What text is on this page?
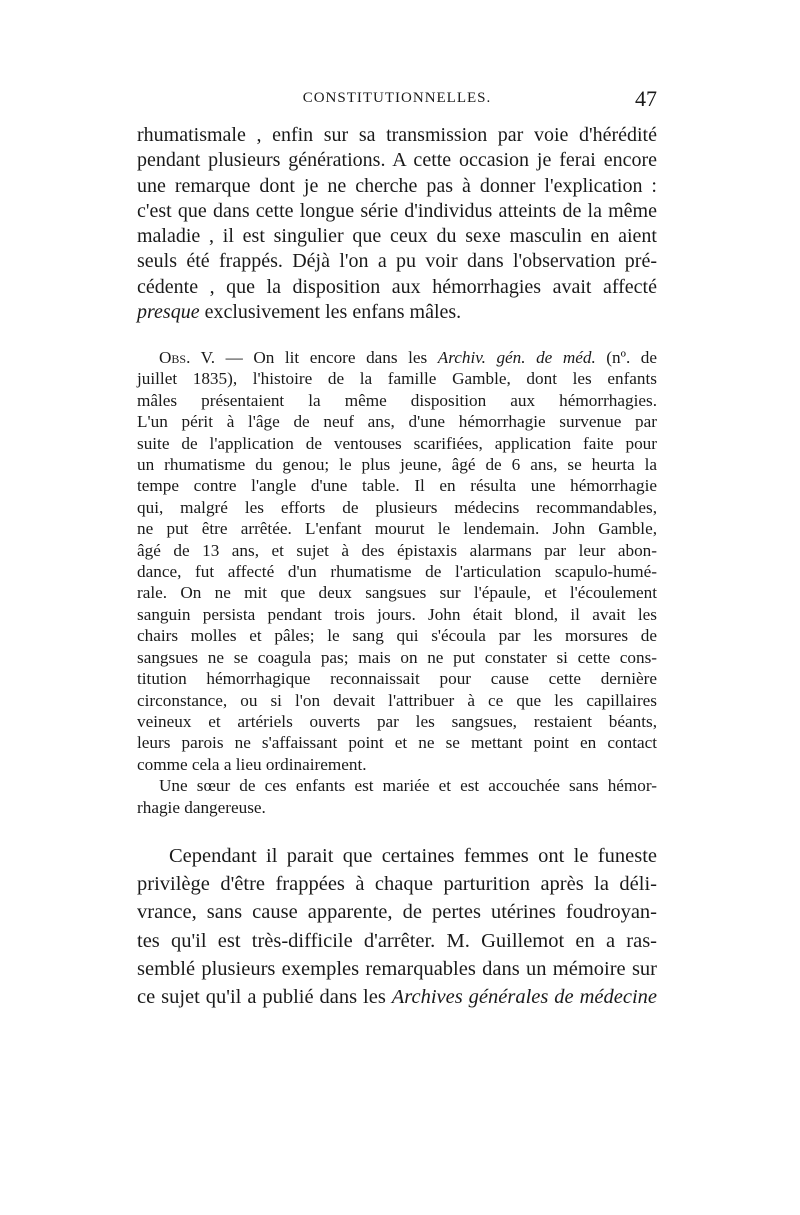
CONSTITUTIONNELLES.	47
rhumatismale , enfin sur sa transmission par voie d'hérédité
pendant plusieurs générations. A cette occasion je ferai encore
une remarque dont je ne cherche pas à donner l'explication :
c'est que dans cette longue série d'individus atteints de la même
maladie , il est singulier que ceux du sexe masculin en aient
seuls été frappés. Déjà l'on a pu voir dans l'observation pré-
cédente , que la disposition aux hémorrhagies avait affecté
presque exclusivement les enfans mâles.
Obs. V. — On lit encore dans les Archiv. gén. de méd. (nº. de
juillet 1835), l'histoire de la famille Gamble, dont les enfants
mâles présentaient la même disposition aux hémorrhagies.
L'un périt à l'âge de neuf ans, d'une hémorrhagie survenue par
suite de l'application de ventouses scarifiées, application faite pour
un rhumatisme du genou; le plus jeune, âgé de 6 ans, se heurta la
tempe contre l'angle d'une table. Il en résulta une hémorrhagie
qui, malgré les efforts de plusieurs médecins recommandables,
ne put être arrêtée. L'enfant mourut le lendemain. John Gamble,
âgé de 13 ans, et sujet à des épistaxis alarmans par leur abon-
dance, fut affecté d'un rhumatisme de l'articulation scapulo-humé-
rale. On ne mit que deux sangsues sur l'épaule, et l'écoulement
sanguin persista pendant trois jours. John était blond, il avait les
chairs molles et pâles; le sang qui s'écoula par les morsures de
sangsues ne se coagula pas; mais on ne put constater si cette cons-
titution hémorrhagique reconnaissait pour cause cette dernière
circonstance, ou si l'on devait l'attribuer à ce que les capillaires
veineux et artériels ouverts par les sangsues, restaient béants,
leurs parois ne s'affaissant point et ne se mettant point en contact
comme cela a lieu ordinairement.
Une sœur de ces enfants est mariée et est accouchée sans hémor-
rhagie dangereuse.
Cependant il parait que certaines femmes ont le funeste
privilège d'être frappées à chaque parturition après la déli-
vrance, sans cause apparente, de pertes utérines foudroyan-
tes qu'il est très-difficile d'arrêter. M. Guillemot en a ras-
semblé plusieurs exemples remarquables dans un mémoire sur
ce sujet qu'il a publié dans les Archives générales de médecine
